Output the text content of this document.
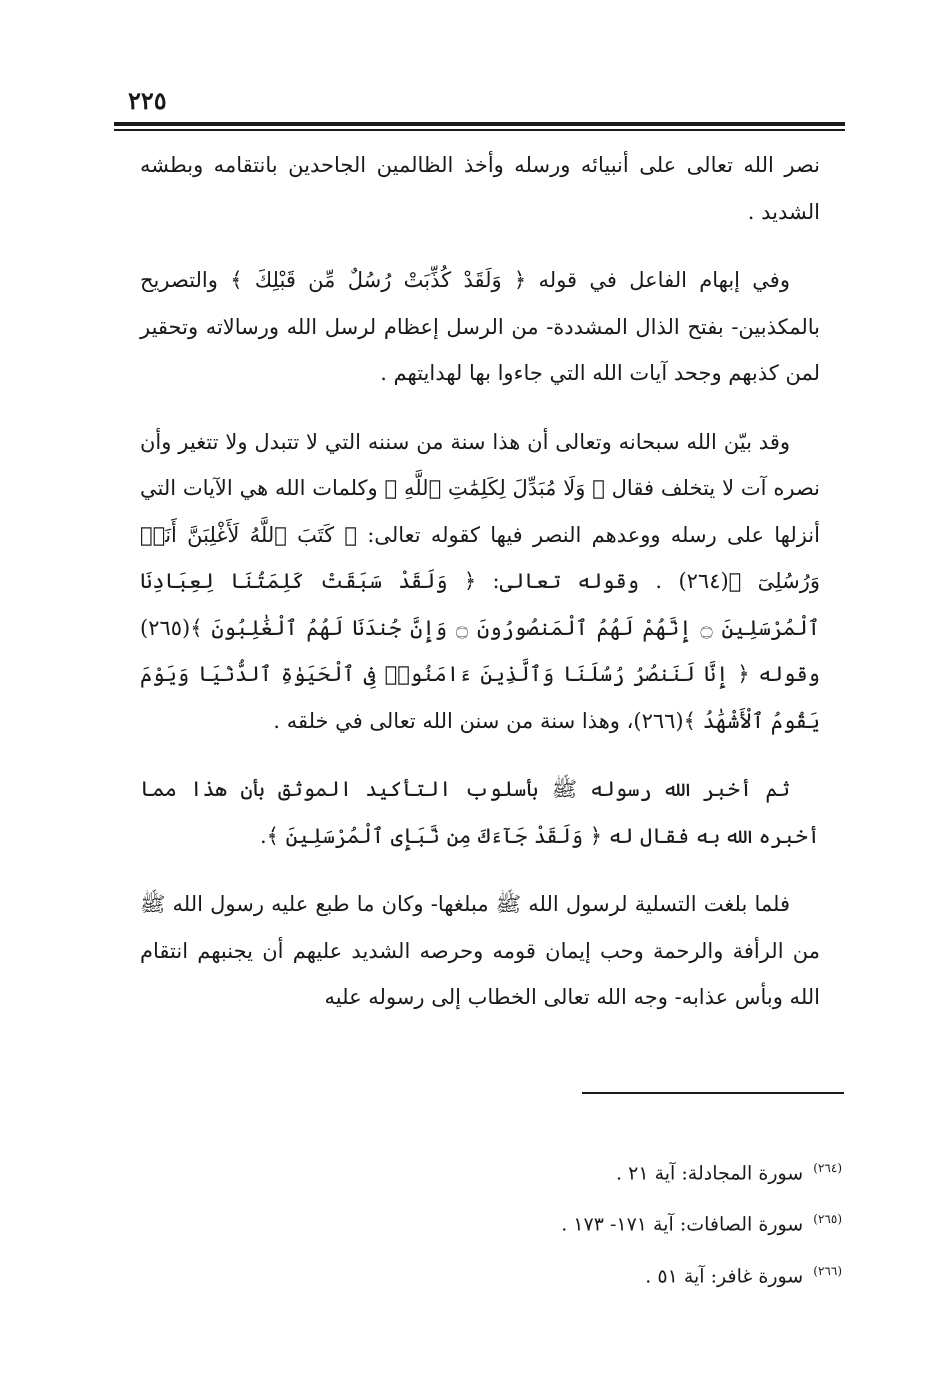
٢٢٥

نصر الله تعالى على أنبيائه ورسله وأخذ الظالمين الجاحدين بانتقامه وبطشه الشديد .

وفي إبهام الفاعل في قوله ﴿ وَلَقَدْ كُذِّبَتْ رُسُلٌ مِّن قَبْلِكَ ﴾ والتصريح بالمكذبين- بفتح الذال المشددة- من الرسل إعظام لرسل الله ورسالاته وتحقير لمن كذبهم وجحد آيات الله التي جاءوا بها لهدايتهم .

وقد بيّن الله سبحانه وتعالى أن هذا سنة من سننه التي لا تتبدل ولا تتغير وأن نصره آت لا يتخلف فقال ﴿ وَلَا مُبَدِّلَ لِكَلِمَٰتِ ٱللَّهِ ﴾ وكلمات الله هي الآيات التي أنزلها على رسله ووعدهم النصر فيها كقوله تعالى: ﴿ كَتَبَ ٱللَّهُ لَأَغْلِبَنَّ أَنَا۠ وَرُسُلِىٓ ﴾(٢٦٤) . وقوله تعالى: ﴿ وَلَقَدْ سَبَقَتْ كَلِمَتُنَا لِعِبَادِنَا ٱلْمُرْسَلِينَ ۝ إِنَّهُمْ لَهُمُ ٱلْمَنصُورُونَ ۝ وَإِنَّ جُندَنَا لَهُمُ ٱلْغَٰلِبُونَ ﴾(٢٦٥) وقوله ﴿ إِنَّا لَنَنصُرُ رُسُلَنَا وَٱلَّذِينَ ءَامَنُوا۟ فِى ٱلْحَيَوٰةِ ٱلدُّنْيَا وَيَوْمَ يَقُومُ ٱلْأَشْهَٰدُ ﴾(٢٦٦)، وهذا سنة من سنن الله تعالى في خلقه .

ثم أخبر الله رسوله ﷺ بأسلوب التأكيد الموثق بأن هذا مما أخبره الله به فقال له ﴿ وَلَقَدْ جَآءَكَ مِن نَّبَإِى ٱلْمُرْسَلِينَ ﴾.

فلما بلغت التسلية لرسول الله ﷺ مبلغها- وكان ما طبع عليه رسول الله ﷺ من الرأفة والرحمة وحب إيمان قومه وحرصه الشديد عليهم أن يجنبهم انتقام الله وبأس عذابه- وجه الله تعالى الخطاب إلى رسوله عليه

$^{(٢٦٤)}$ سورة المجادلة: آية ٢١ .
$^{(٢٦٥)}$ سورة الصافات: آية ١٧١- ١٧٣ .
$^{(٢٦٦)}$ سورة غافر: آية ٥١ .
